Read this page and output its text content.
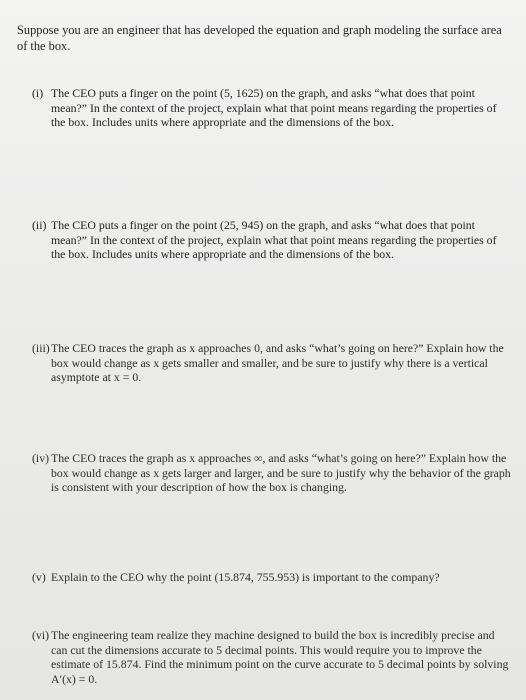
Suppose you are an engineer that has developed the equation and graph modeling the surface area of the box.
(i) The CEO puts a finger on the point (5, 1625) on the graph, and asks “what does that point mean?” In the context of the project, explain what that point means regarding the properties of the box. Includes units where appropriate and the dimensions of the box.
(ii) The CEO puts a finger on the point (25, 945) on the graph, and asks “what does that point mean?” In the context of the project, explain what that point means regarding the properties of the box. Includes units where appropriate and the dimensions of the box.
(iii) The CEO traces the graph as x approaches 0, and asks “what’s going on here?” Explain how the box would change as x gets smaller and smaller, and be sure to justify why there is a vertical asymptote at x = 0.
(iv) The CEO traces the graph as x approaches ∞, and asks “what’s going on here?” Explain how the box would change as x gets larger and larger, and be sure to justify why the behavior of the graph is consistent with your description of how the box is changing.
(v) Explain to the CEO why the point (15.874, 755.953) is important to the company?
(vi) The engineering team realize they machine designed to build the box is incredibly precise and can cut the dimensions accurate to 5 decimal points. This would require you to improve the estimate of 15.874. Find the minimum point on the curve accurate to 5 decimal points by solving A′(x) = 0.
